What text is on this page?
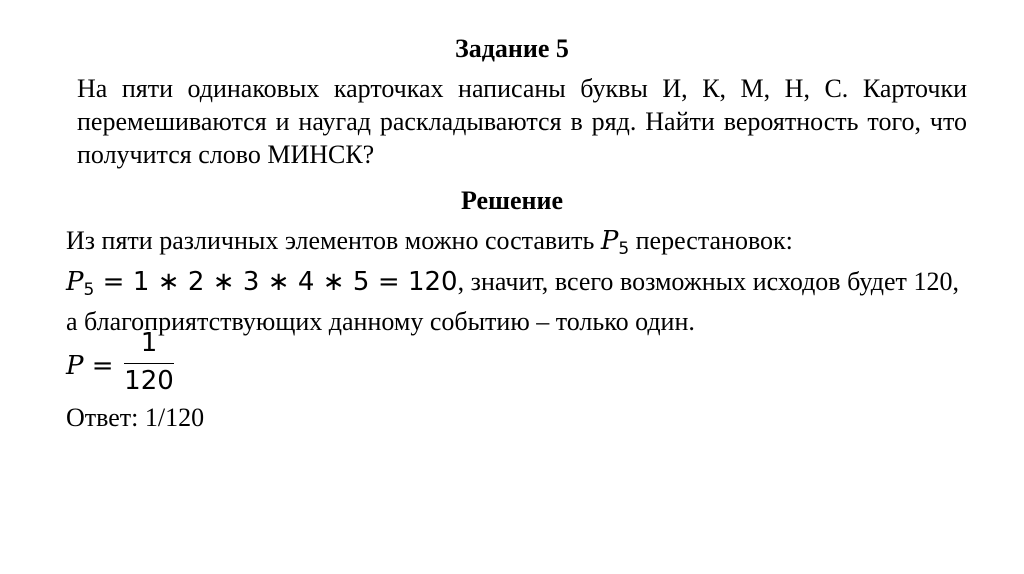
Задание 5
На пяти одинаковых карточках написаны буквы И, К, М, Н, С. Карточки перемешиваются и наугад раскладываются в ряд. Найти вероятность того, что получится слово МИНСК?
Решение
Из пяти различных элементов можно составить $P_5$ перестановок:
$P_5 = 1$ ∗ 2 ∗ 3 ∗ 4 ∗ 5 = 120, значит, всего возможных исходов будет 120, а благоприятствующих данному событию – только один.
P =
1
120
Ответ: 1/120
